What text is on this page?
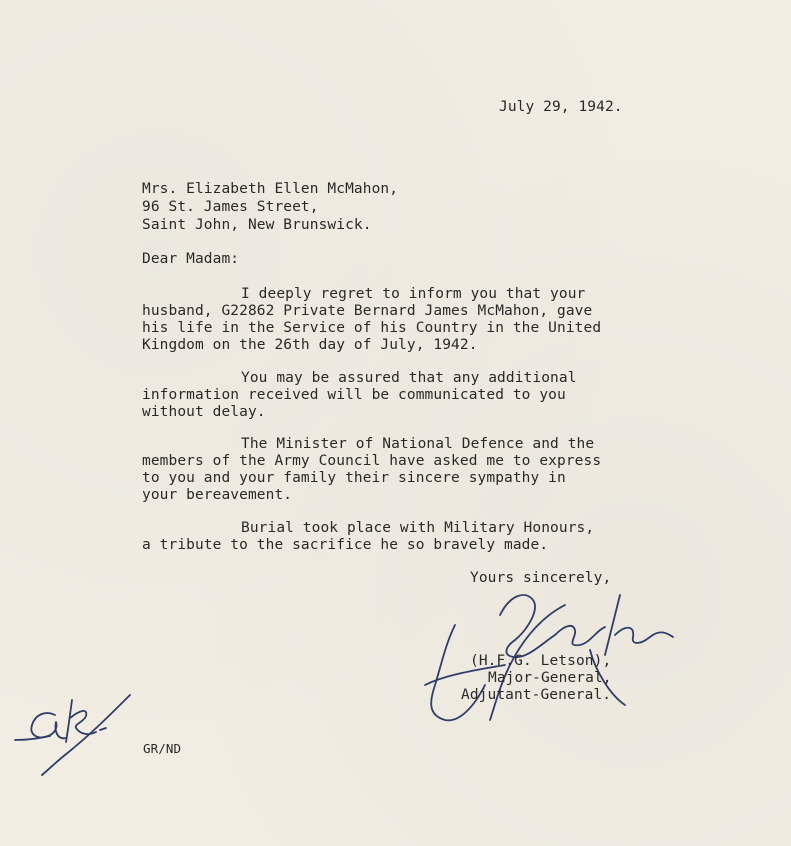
July 29, 1942.
Mrs. Elizabeth Ellen McMahon,
96 St. James Street,
Saint John, New Brunswick.
Dear Madam:
I deeply regret to inform you that your
husband, G22862 Private Bernard James McMahon, gave
his life in the Service of his Country in the United
Kingdom on the 26th day of July, 1942.
You may be assured that any additional
information received will be communicated to you
without delay.
The Minister of National Defence and the
members of the Army Council have asked me to express
to you and your family their sincere sympathy in
your bereavement.
Burial took place with Military Honours,
a tribute to the sacrifice he so bravely made.
Yours sincerely,
(H.F.G. Letson),
Major-General,
Adjutant-General.
GR/ND
